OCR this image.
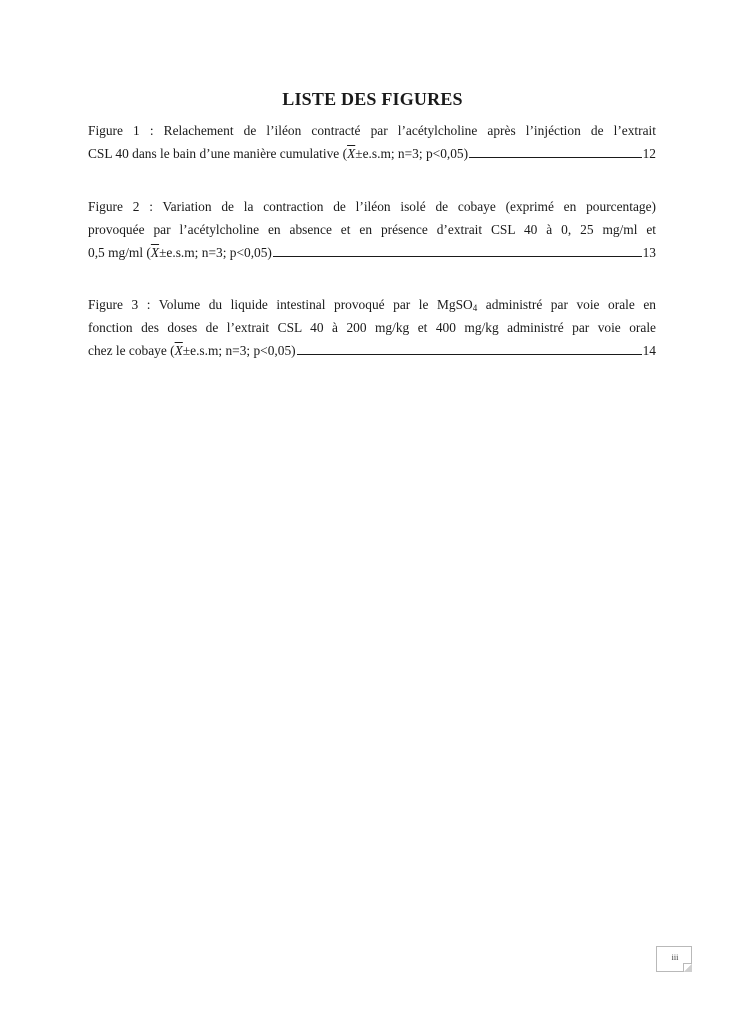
LISTE DES FIGURES
Figure 1 : Relachement de l’iléon contracté par l’acétylcholine après l’injéction de l’extrait
CSL 40 dans le bain d’une manière cumulative ( $\overline{X} \pm e.s.m$; n=3; p<0,05)	12
Figure 2 : Variation de la contraction de l’iléon isolé de cobaye (exprimé en pourcentage)
provoquée par l’acétylcholine en absence et en présence d’extrait CSL 40 à 0, 25 mg/ml et
0,5 mg/ml ( $\overline{X} \pm e.s.m$; n=3; p<0,05)	13
Figure 3 : Volume du liquide intestinal provoqué par le MgSO$_4$ administré par voie orale en
fonction des doses de l’extrait CSL 40 à 200 mg/kg et 400 mg/kg administré par voie orale
chez le cobaye ( $\overline{X} \pm e.s.m$; n=3; p<0,05)	14
iii
